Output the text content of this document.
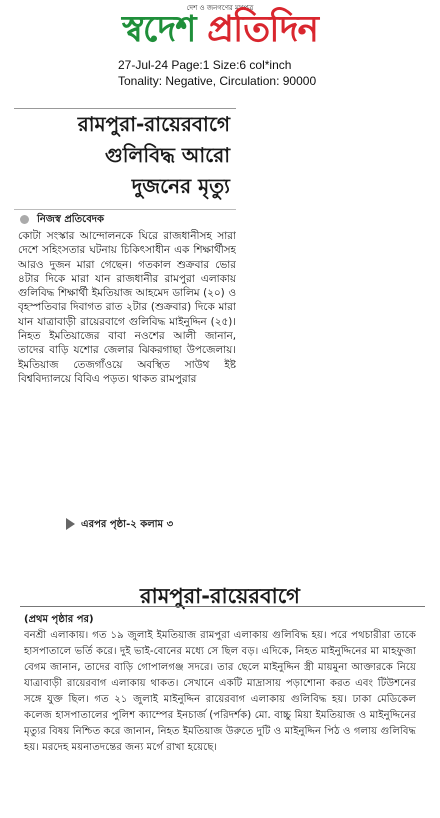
দেশ ও জনগণের মুখপত্র
স্বদেশ প্রতিদিন
27-Jul-24 Page:1 Size:6 col*inch
Tonality: Negative, Circulation: 90000
রামপুরা-রায়েরবাগে
গুলিবিদ্ধ আরো
দুজনের মৃত্যু
নিজস্ব প্রতিবেদক
কোটা সংস্কার আন্দোলনকে ঘিরে রাজধানীসহ সারা দেশে সহিংসতার ঘটনায় চিকিৎসাধীন এক শিক্ষার্থীসহ আরও দুজন মারা গেছেন। গতকাল শুক্রবার ভোর ৪টার দিকে মারা যান রাজধানীর রামপুরা এলাকায় গুলিবিদ্ধ শিক্ষার্থী ইমতিয়াজ আহমেদ ডালিম (২০) ও বৃহস্পতিবার দিবাগত রাত ২টার (শুক্রবার) দিকে মারা যান যাত্রাবাড়ী রায়েরবাগে গুলিবিদ্ধ মাইনুদ্দিন (২৫)। নিহত ইমতিয়াজের বাবা নওশের আলী জানান, তাদের বাড়ি যশোর জেলার ঝিকরগাছা উপজেলায়। ইমতিয়াজ তেজগাঁওয়ে অবস্থিত সাউথ ইষ্ট বিশ্ববিদ্যালয়ে বিবিএ পড়ত। থাকত রামপুরার
এরপর পৃষ্ঠা-২ কলাম ৩
রামপুরা-রায়েরবাগে
(প্রথম পৃষ্ঠার পর)
বনশ্রী এলাকায়। গত ১৯ জুলাই ইমতিয়াজ রামপুরা এলাকায় গুলিবিদ্ধ হয়। পরে পথচারীরা তাকে হাসপাতালে ভর্তি করে। দুই ভাই-বোনের মধ্যে সে ছিল বড়। এদিকে, নিহত মাইনুদ্দিনের মা মাহফুজা বেগম জানান, তাদের বাড়ি গোপালগঞ্জ সদরে। তার ছেলে মাইনুদ্দিন স্ত্রী মায়মুনা আক্তারকে নিয়ে যাত্রাবাড়ী রায়েরবাগ এলাকায় থাকত। সেখানে একটি মাদ্রাসায় পড়াশোনা করত এবং টিউশনের সঙ্গে যুক্ত ছিল। গত ২১ জুলাই মাইনুদ্দিন রায়েরবাগ এলাকায় গুলিবিদ্ধ হয়। ঢাকা মেডিকেল কলেজ হাসপাতালের পুলিশ ক্যাম্পের ইনচার্জ (পরিদর্শক) মো. বাচ্চু মিয়া ইমতিয়াজ ও মাইনুদ্দিনের মৃত্যুর বিষয় নিশ্চিত করে জানান, নিহত ইমতিয়াজ উরুতে দুটি ও মাইনুদ্দিন পিঠ ও গলায় গুলিবিদ্ধ হয়। মরদেহ ময়নাতদন্তের জন্য মর্গে রাখা হয়েছে।
